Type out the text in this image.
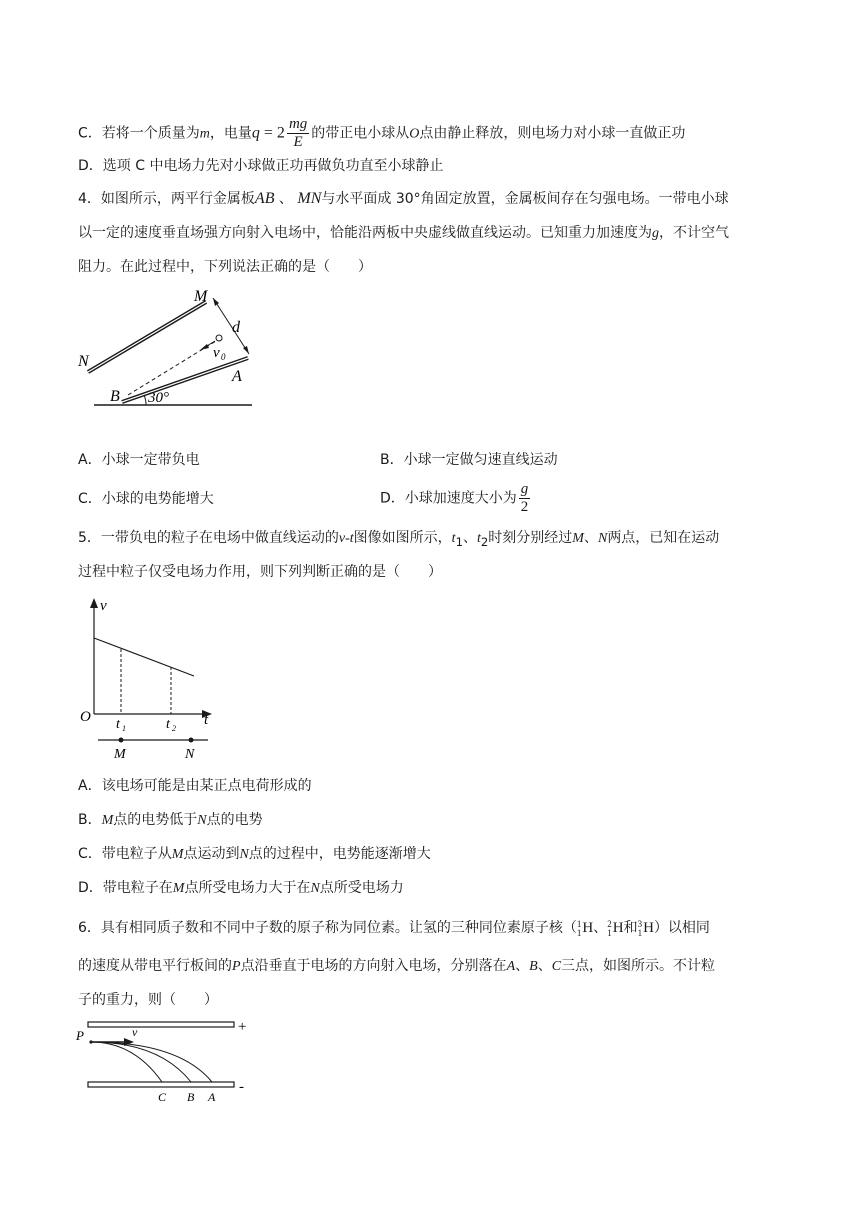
C．若将一个质量为m，电量$q = 2 \frac{mg}{E}$ 的带正电小球从O点由静止释放，则电场力对小球一直做正功
D．选项 C 中电场力先对小球做正功再做负功直至小球静止
4．如图所示，两平行金属板AB 、 MN与水平面成 30°角固定放置，金属板间存在匀强电场。一带电小球
以一定的速度垂直场强方向射入电场中，恰能沿两板中央虚线做直线运动。已知重力加速度为g，不计空气
阻力。在此过程中，下列说法正确的是（　　）
M
N
A
B
d
v 0
30°
A．小球一定带负电	B．小球一定做匀速直线运动
C．小球的电势能增大	D．小球加速度大小为 $\frac{g}{2}$
5．一带负电的粒子在电场中做直线运动的v-t图像如图所示，$t_1$、$t_2$时刻分别经过M、N两点，已知在运动
过程中粒子仅受电场力作用，则下列判断正确的是（　　）
v
O	t
t 1	t 2
M	N
A．该电场可能是由某正点电荷形成的
B．M点的电势低于N点的电势
C．带电粒子从M点运动到N点的过程中，电势能逐渐增大
D．带电粒子在M点所受电场力大于在N点所受电场力
6．具有相同质子数和不同中子数的原子称为同位素。让氢的三种同位素原子核（1
1H、2
1H和3
1H）以相同
的速度从带电平行板间的P点沿垂直于电场的方向射入电场，分别落在A、B、C三点，如图所示。不计粒
子的重力，则（　　）
P	v	+
-
C B A
